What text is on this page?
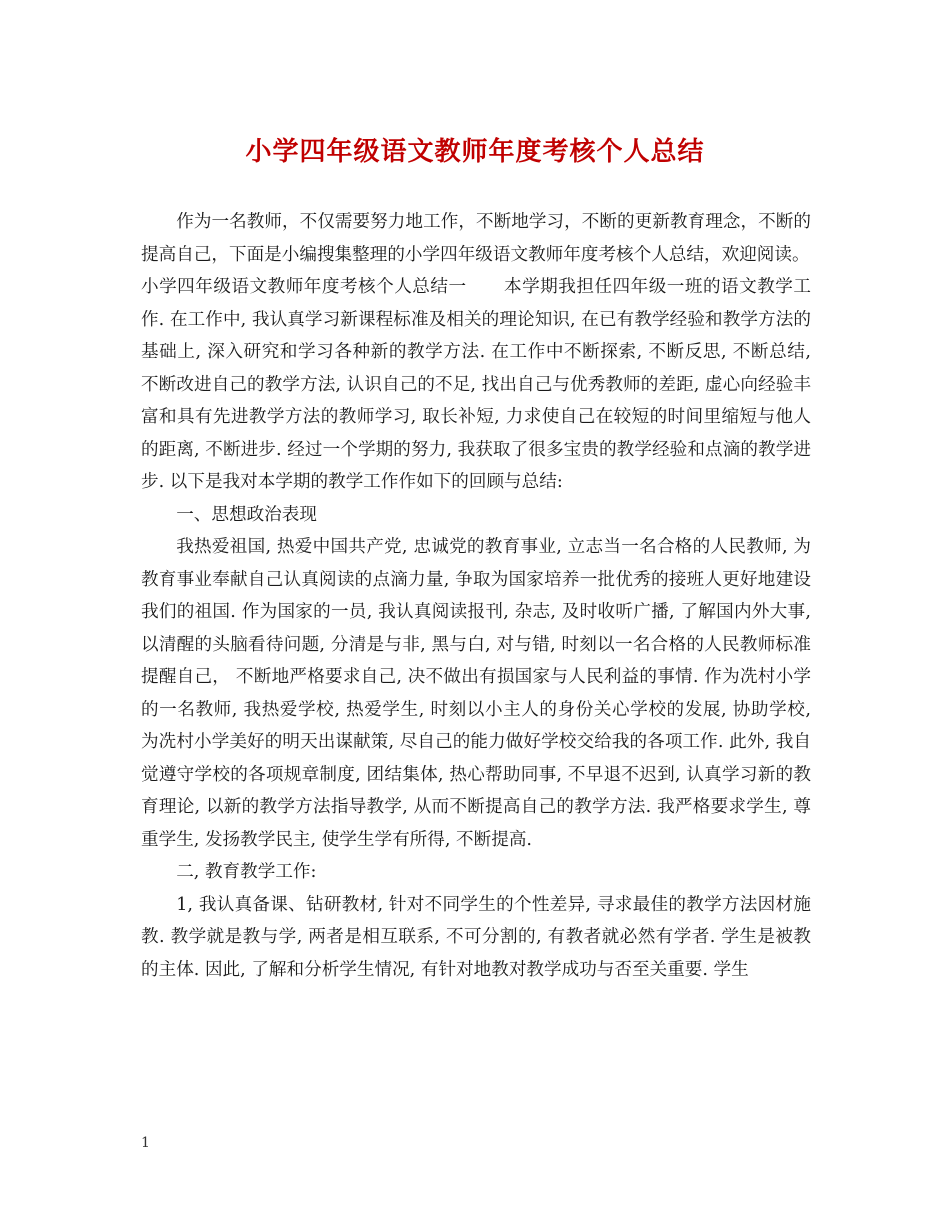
小学四年级语文教师年度考核个人总结

作为一名教师，不仅需要努力地工作，不断地学习，不断的更新教育理念，不断的提高自己，下面是小编搜集整理的小学四年级语文教师年度考核个人总结，欢迎阅读。

小学四年级语文教师年度考核个人总结一 本学期我担任四年级一班的语文教学工作. 在工作中, 我认真学习新课程标准及相关的理论知识, 在已有教学经验和教学方法的基础上, 深入研究和学习各种新的教学方法. 在工作中不断探索, 不断反思, 不断总结, 不断改进自己的教学方法, 认识自己的不足, 找出自己与优秀教师的差距, 虚心向经验丰富和具有先进教学方法的教师学习, 取长补短, 力求使自己在较短的时间里缩短与他人的距离, 不断进步. 经过一个学期的努力, 我获取了很多宝贵的教学经验和点滴的教学进步. 以下是我对本学期的教学工作作如下的回顾与总结:

一、思想政治表现

我热爱祖国, 热爱中国共产党, 忠诚党的教育事业, 立志当一名合格的人民教师, 为教育事业奉献自己认真阅读的点滴力量, 争取为国家培养一批优秀的接班人更好地建设我们的祖国. 作为国家的一员, 我认真阅读报刊, 杂志, 及时收听广播, 了解国内外大事, 以清醒的头脑看待问题, 分清是与非, 黑与白, 对与错, 时刻以一名合格的人民教师标准提醒自己， 不断地严格要求自己, 决不做出有损国家与人民利益的事情. 作为冼村小学的一名教师, 我热爱学校, 热爱学生, 时刻以小主人的身份关心学校的发展, 协助学校, 为冼村小学美好的明天出谋献策, 尽自己的能力做好学校交给我的各项工作. 此外, 我自觉遵守学校的各项规章制度, 团结集体, 热心帮助同事, 不早退不迟到, 认真学习新的教育理论, 以新的教学方法指导教学, 从而不断提高自己的教学方法. 我严格要求学生, 尊重学生, 发扬教学民主, 使学生学有所得, 不断提高.

二, 教育教学工作:

1, 我认真备课、钻研教材, 针对不同学生的个性差异, 寻求最佳的教学方法因材施教. 教学就是教与学, 两者是相互联系, 不可分割的, 有教者就必然有学者. 学生是被教的主体. 因此, 了解和分析学生情况, 有针对地教对教学成功与否至关重要. 学生

1
